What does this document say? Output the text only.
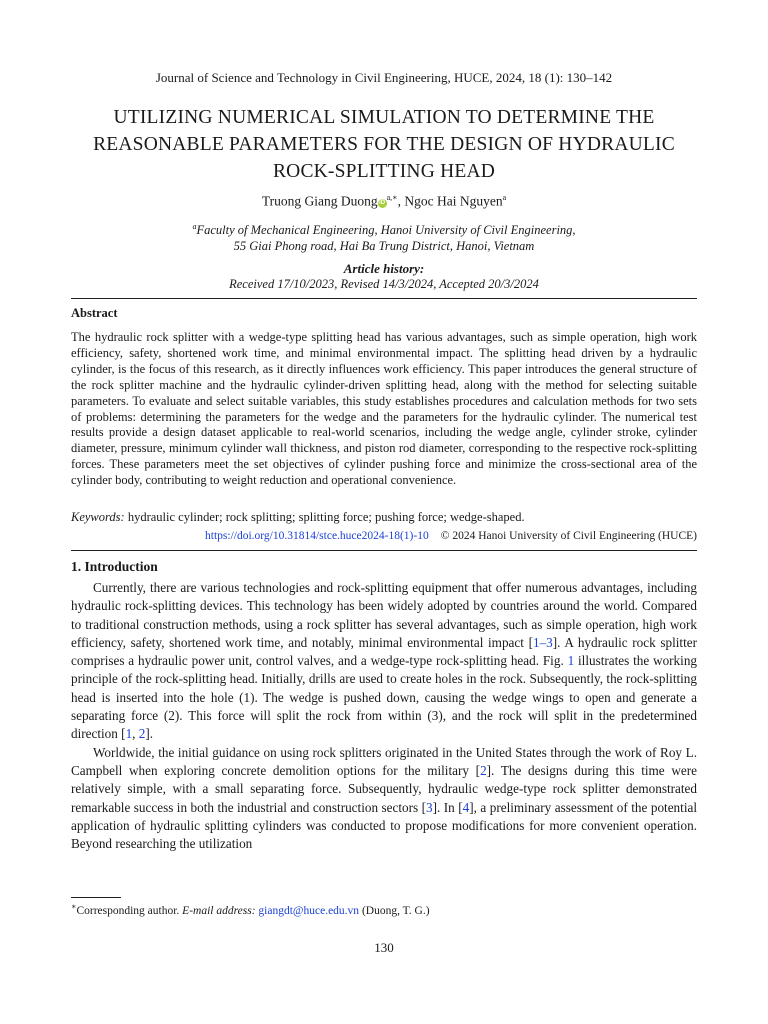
Journal of Science and Technology in Civil Engineering, HUCE, 2024, 18 (1): 130–142
UTILIZING NUMERICAL SIMULATION TO DETERMINE THE
REASONABLE PARAMETERS FOR THE DESIGN OF HYDRAULIC
ROCK-SPLITTING HEAD
Truong Giang Duong $iD^{a,∗}$, Ngoc Hai Nguyen$^a$
$^a$Faculty of Mechanical Engineering, Hanoi University of Civil Engineering,
55 Giai Phong road, Hai Ba Trung District, Hanoi, Vietnam
Article history:
Received 17/10/2023, Revised 14/3/2024, Accepted 20/3/2024
Abstract
The hydraulic rock splitter with a wedge-type splitting head has various advantages, such as simple operation, high work efficiency, safety, shortened work time, and minimal environmental impact. The splitting head driven by a hydraulic cylinder, is the focus of this research, as it directly influences work efficiency. This paper introduces the general structure of the rock splitter machine and the hydraulic cylinder-driven splitting head, along with the method for selecting suitable parameters. To evaluate and select suitable variables, this study establishes procedures and calculation methods for two sets of problems: determining the parameters for the wedge and the parameters for the hydraulic cylinder. The numerical test results provide a design dataset applicable to real-world scenarios, including the wedge angle, cylinder stroke, cylinder diameter, pressure, minimum cylinder wall thickness, and piston rod diameter, corresponding to the respective rock-splitting forces. These parameters meet the set objectives of cylinder pushing force and minimize the cross-sectional area of the cylinder body, contributing to weight reduction and operational convenience.
Keywords: hydraulic cylinder; rock splitting; splitting force; pushing force; wedge-shaped.
https://doi.org/10.31814/stce.huce2024-18(1)-10 © 2024 Hanoi University of Civil Engineering (HUCE)
1. Introduction

Currently, there are various technologies and rock-splitting equipment that offer numerous advantages, including hydraulic rock-splitting devices. This technology has been widely adopted by countries around the world. Compared to traditional construction methods, using a rock splitter has several advantages, such as simple operation, high work efficiency, safety, shortened work time, and notably, minimal environmental impact [1–3]. A hydraulic rock splitter comprises a hydraulic power unit, control valves, and a wedge-type rock-splitting head. Fig. 1 illustrates the working principle of the rock-splitting head. Initially, drills are used to create holes in the rock. Subsequently, the rock-splitting head is inserted into the hole (1). The wedge is pushed down, causing the wedge wings to open and generate a separating force (2). This force will split the rock from within (3), and the rock will split in the predetermined direction [1, 2].

Worldwide, the initial guidance on using rock splitters originated in the United States through the work of Roy L. Campbell when exploring concrete demolition options for the military [2]. The designs during this time were relatively simple, with a small separating force. Subsequently, hydraulic wedge-type rock splitter demonstrated remarkable success in both the industrial and construction sectors [3]. In [4], a preliminary assessment of the potential application of hydraulic splitting cylinders was conducted to propose modifications for more convenient operation. Beyond researching the utilization

∗Corresponding author. E-mail address: giangdt@huce.edu.vn (Duong, T. G.)
130
